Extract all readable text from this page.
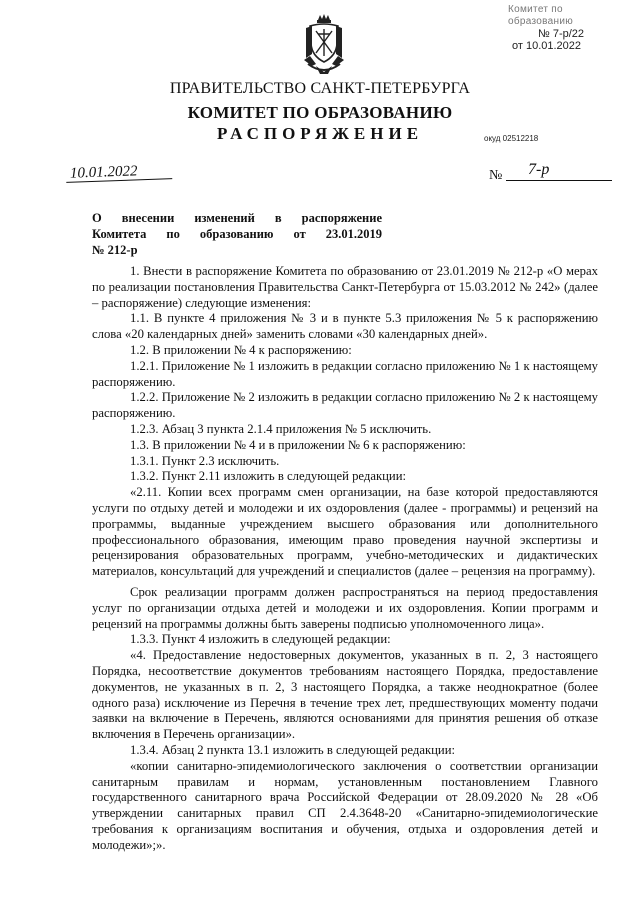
Комитет по образованию
№ 7-р/22
от 10.01.2022
ПРАВИТЕЛЬСТВО САНКТ-ПЕТЕРБУРГА
КОМИТЕТ ПО ОБРАЗОВАНИЮ
РАСПОРЯЖЕНИЕ	окуд 02512218
10.01.2022	№	7-р
О внесении изменений в распоряжение
Комитета по образованию от 23.01.2019
№ 212-р

1. Внести в распоряжение Комитета по образованию от 23.01.2019 № 212-р «О мерах по реализации постановления Правительства Санкт-Петербурга от 15.03.2012 № 242» (далее – распоряжение) следующие изменения:

1.1. В пункте 4 приложения № 3 и в пункте 5.3 приложения № 5 к распоряжению слова «20 календарных дней» заменить словами «30 календарных дней».

1.2. В приложении № 4 к распоряжению:

1.2.1. Приложение № 1 изложить в редакции согласно приложению № 1 к настоящему распоряжению.

1.2.2. Приложение № 2 изложить в редакции согласно приложению № 2 к настоящему распоряжению.

1.2.3. Абзац 3 пункта 2.1.4 приложения № 5 исключить.

1.3. В приложении № 4 и в приложении № 6 к распоряжению:

1.3.1. Пункт 2.3 исключить.

1.3.2. Пункт 2.11 изложить в следующей редакции:

«2.11. Копии всех программ смен организации, на базе которой предоставляются услуги по отдыху детей и молодежи и их оздоровления (далее - программы) и рецензий на программы, выданные учреждением высшего образования или дополнительного профессионального образования, имеющим право проведения научной экспертизы и рецензирования образовательных программ, учебно-методических и дидактических материалов, консультаций для учреждений и специалистов (далее – рецензия на программу).

Срок реализации программ должен распространяться на период предоставления услуг по организации отдыха детей и молодежи и их оздоровления. Копии программ и рецензий на программы должны быть заверены подписью уполномоченного лица».

1.3.3. Пункт 4 изложить в следующей редакции:

«4. Предоставление недостоверных документов, указанных в п. 2, 3 настоящего Порядка, несоответствие документов требованиям настоящего Порядка, предоставление документов, не указанных в п. 2, 3 настоящего Порядка, а также неоднократное (более одного раза) исключение из Перечня в течение трех лет, предшествующих моменту подачи заявки на включение в Перечень, являются основаниями для принятия решения об отказе включения в Перечень организации».

1.3.4. Абзац 2 пункта 13.1 изложить в следующей редакции:

«копии санитарно-эпидемиологического заключения о соответствии организации санитарным правилам и нормам, установленным постановлением Главного государственного санитарного врача Российской Федерации от 28.09.2020 № 28 «Об утверждении санитарных правил СП 2.4.3648-20 «Санитарно-эпидемиологические требования к организациям воспитания и обучения, отдыха и оздоровления детей и молодежи»;».
